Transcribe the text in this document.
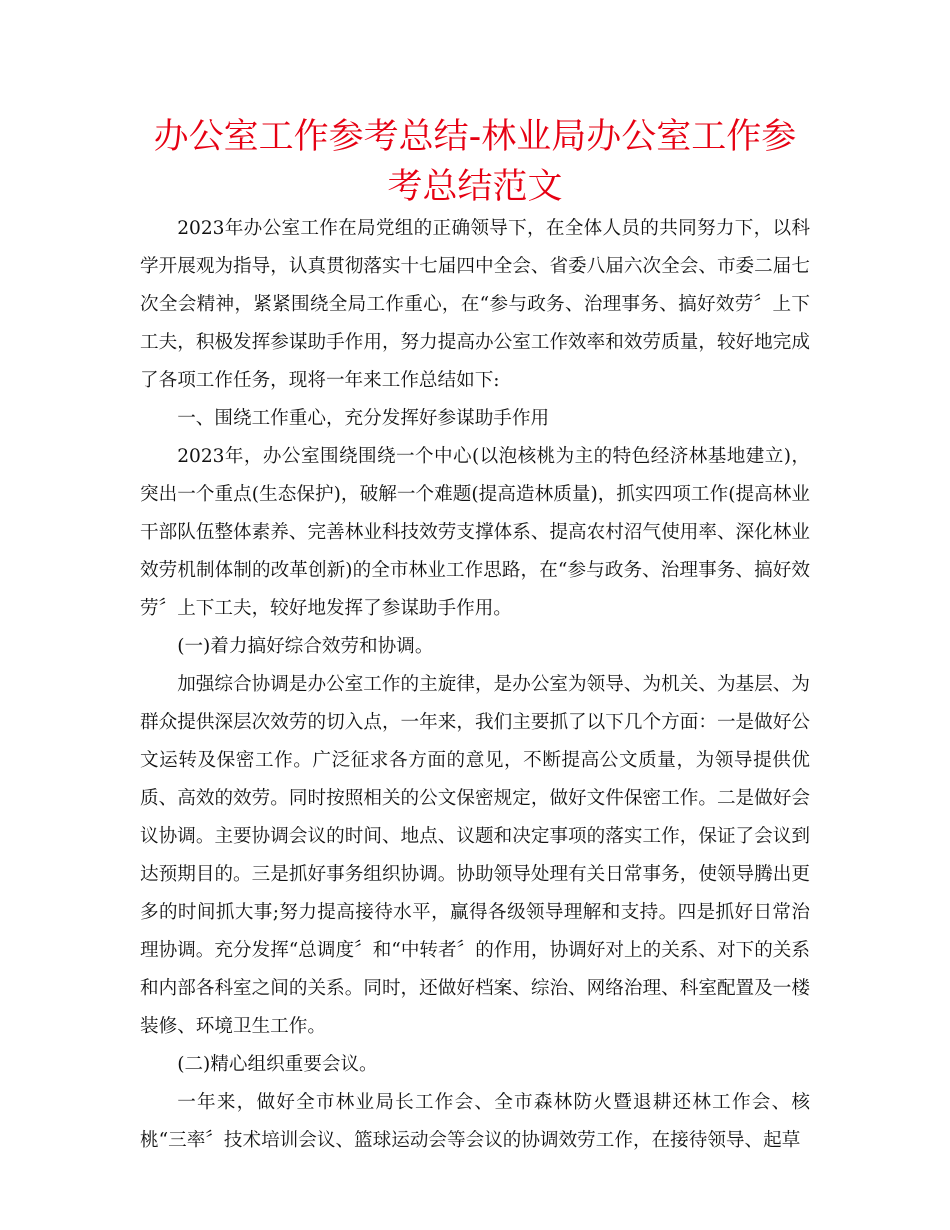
办公室工作参考总结-林业局办公室工作参考总结范文

2023年办公室工作在局党组的正确领导下，在全体人员的共同努力下，以科学开展观为指导，认真贯彻落实十七届四中全会、省委八届六次全会、市委二届七次全会精神，紧紧围绕全局工作重心，在“参与政务、治理事务、搞好效劳〞上下工夫，积极发挥参谋助手作用，努力提高办公室工作效率和效劳质量，较好地完成了各项工作任务，现将一年来工作总结如下:

一、围绕工作重心，充分发挥好参谋助手作用

2023年，办公室围绕围绕一个中心(以泡核桃为主的特色经济林基地建立)，突出一个重点(生态保护)，破解一个难题(提高造林质量)，抓实四项工作(提高林业干部队伍整体素养、完善林业科技效劳支撑体系、提高农村沼气使用率、深化林业效劳机制体制的改革创新)的全市林业工作思路，在“参与政务、治理事务、搞好效劳〞上下工夫，较好地发挥了参谋助手作用。

(一)着力搞好综合效劳和协调。

加强综合协调是办公室工作的主旋律，是办公室为领导、为机关、为基层、为群众提供深层次效劳的切入点，一年来，我们主要抓了以下几个方面：一是做好公文运转及保密工作。广泛征求各方面的意见，不断提高公文质量，为领导提供优质、高效的效劳。同时按照相关的公文保密规定，做好文件保密工作。二是做好会议协调。主要协调会议的时间、地点、议题和决定事项的落实工作，保证了会议到达预期目的。三是抓好事务组织协调。协助领导处理有关日常事务，使领导腾出更多的时间抓大事;努力提高接待水平，赢得各级领导理解和支持。四是抓好日常治理协调。充分发挥“总调度〞和“中转者〞的作用，协调好对上的关系、对下的关系和内部各科室之间的关系。同时，还做好档案、综治、网络治理、科室配置及一楼装修、环境卫生工作。

(二)精心组织重要会议。

一年来，做好全市林业局长工作会、全市森林防火暨退耕还林工作会、核桃“三率〞技术培训会议、篮球运动会等会议的协调效劳工作，在接待领导、起草
